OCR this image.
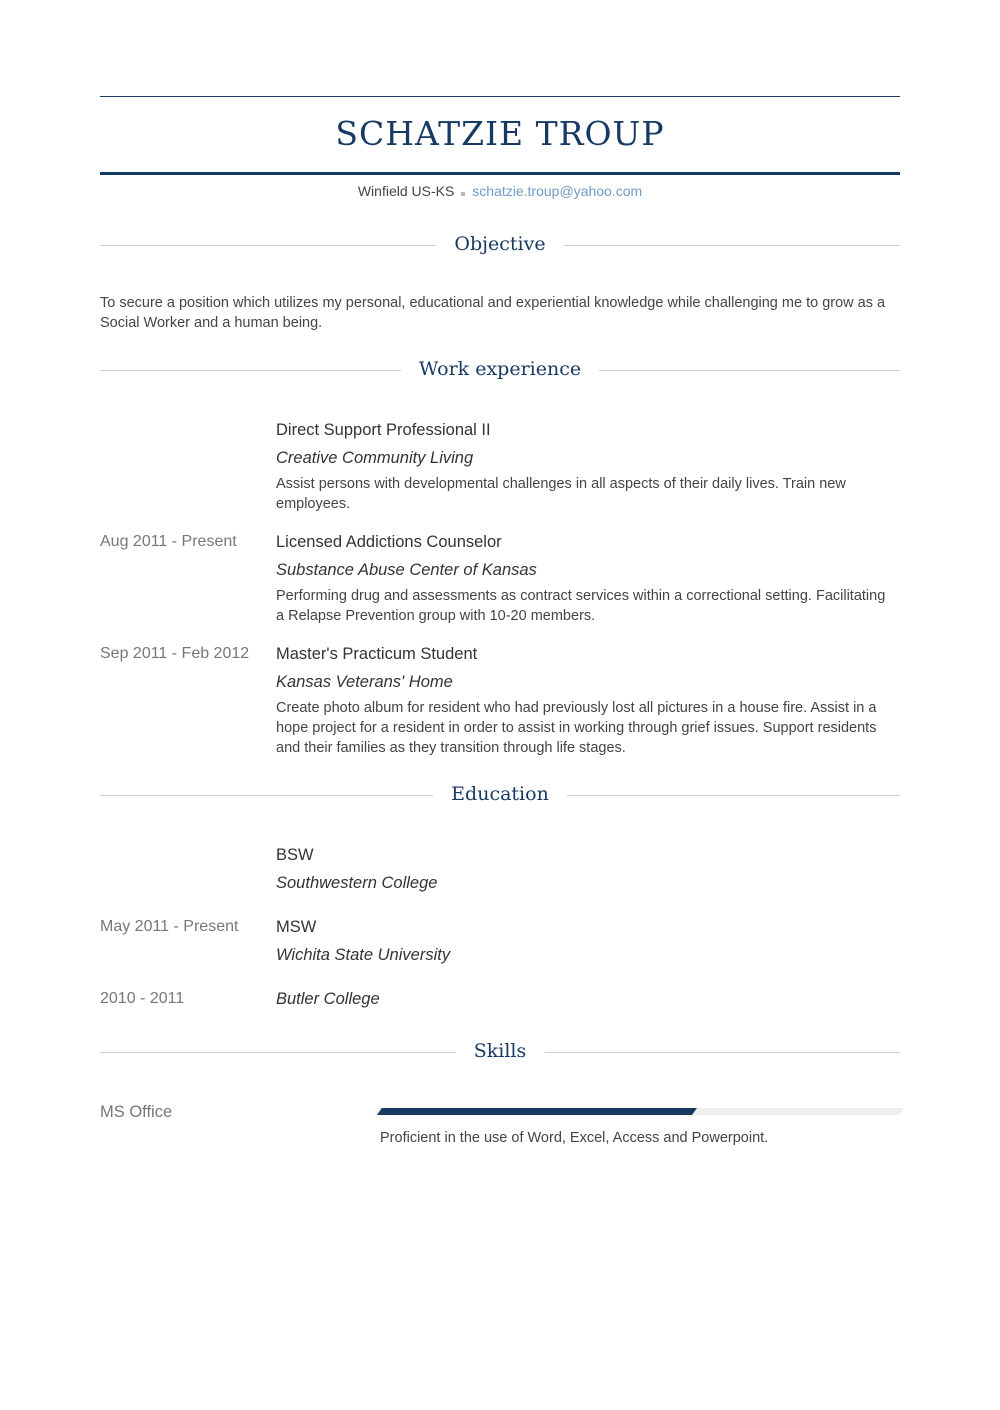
SCHATZIE TROUP
Winfield US-KS schatzie.troup@yahoo.com
Objective
To secure a position which utilizes my personal, educational and experiential knowledge while challenging me to grow as a Social Worker and a human being.
Work experience
Direct Support Professional II
Creative Community Living
Assist persons with developmental challenges in all aspects of their daily lives. Train new employees.
Aug 2011 - Present Licensed Addictions Counselor
Substance Abuse Center of Kansas
Performing drug and assessments as contract services within a correctional setting. Facilitating a Relapse Prevention group with 10-20 members.
Sep 2011 - Feb 2012 Master's Practicum Student
Kansas Veterans' Home
Create photo album for resident who had previously lost all pictures in a house fire. Assist in a hope project for a resident in order to assist in working through grief issues. Support residents and their families as they transition through life stages.
Education
BSW
Southwestern College
May 2011 - Present MSW
Wichita State University
2010 - 2011	Butler College
Skills
MS Office
Proficient in the use of Word, Excel, Access and Powerpoint.
